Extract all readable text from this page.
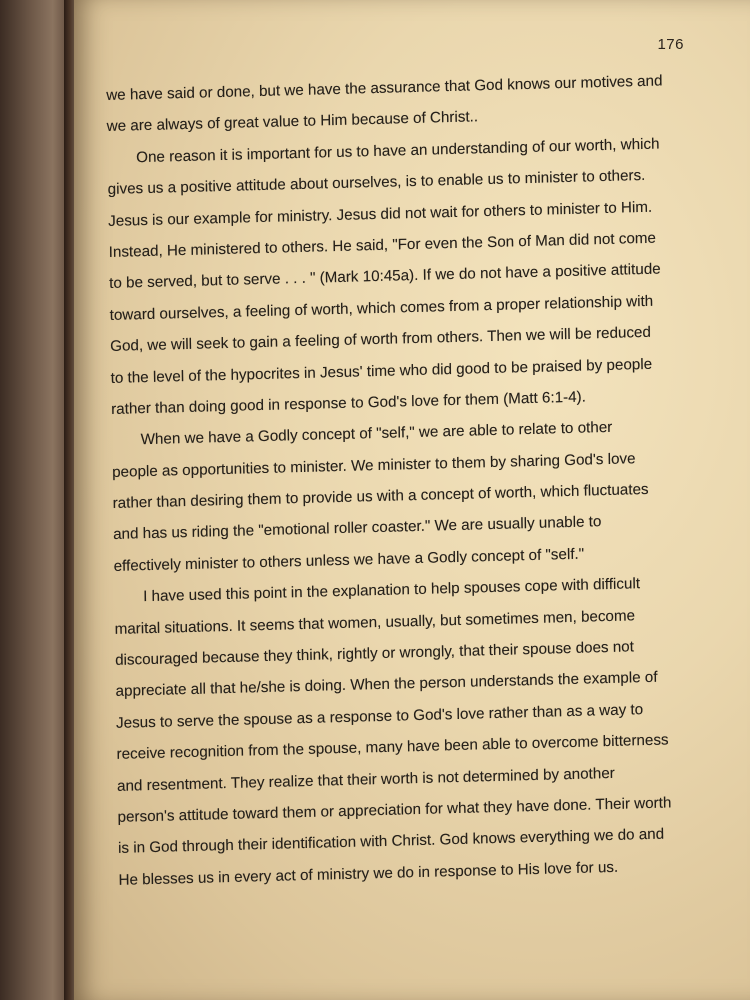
176
we have said or done, but we have the assurance that God knows our motives and
we are always of great value to Him because of Christ..
One reason it is important for us to have an understanding of our worth, which
gives us a positive attitude about ourselves, is to enable us to minister to others.
Jesus is our example for ministry. Jesus did not wait for others to minister to Him.
Instead, He ministered to others. He said, "For even the Son of Man did not come
to be served, but to serve . . . " (Mark 10:45a). If we do not have a positive attitude
toward ourselves, a feeling of worth, which comes from a proper relationship with
God, we will seek to gain a feeling of worth from others. Then we will be reduced
to the level of the hypocrites in Jesus' time who did good to be praised by people
rather than doing good in response to God's love for them (Matt 6:1-4).
When we have a Godly concept of "self," we are able to relate to other
people as opportunities to minister. We minister to them by sharing God's love
rather than desiring them to provide us with a concept of worth, which fluctuates
and has us riding the "emotional roller coaster." We are usually unable to
effectively minister to others unless we have a Godly concept of "self."
I have used this point in the explanation to help spouses cope with difficult
marital situations. It seems that women, usually, but sometimes men, become
discouraged because they think, rightly or wrongly, that their spouse does not
appreciate all that he/she is doing. When the person understands the example of
Jesus to serve the spouse as a response to God's love rather than as a way to
receive recognition from the spouse, many have been able to overcome bitterness
and resentment. They realize that their worth is not determined by another
person's attitude toward them or appreciation for what they have done. Their worth
is in God through their identification with Christ. God knows everything we do and
He blesses us in every act of ministry we do in response to His love for us.
